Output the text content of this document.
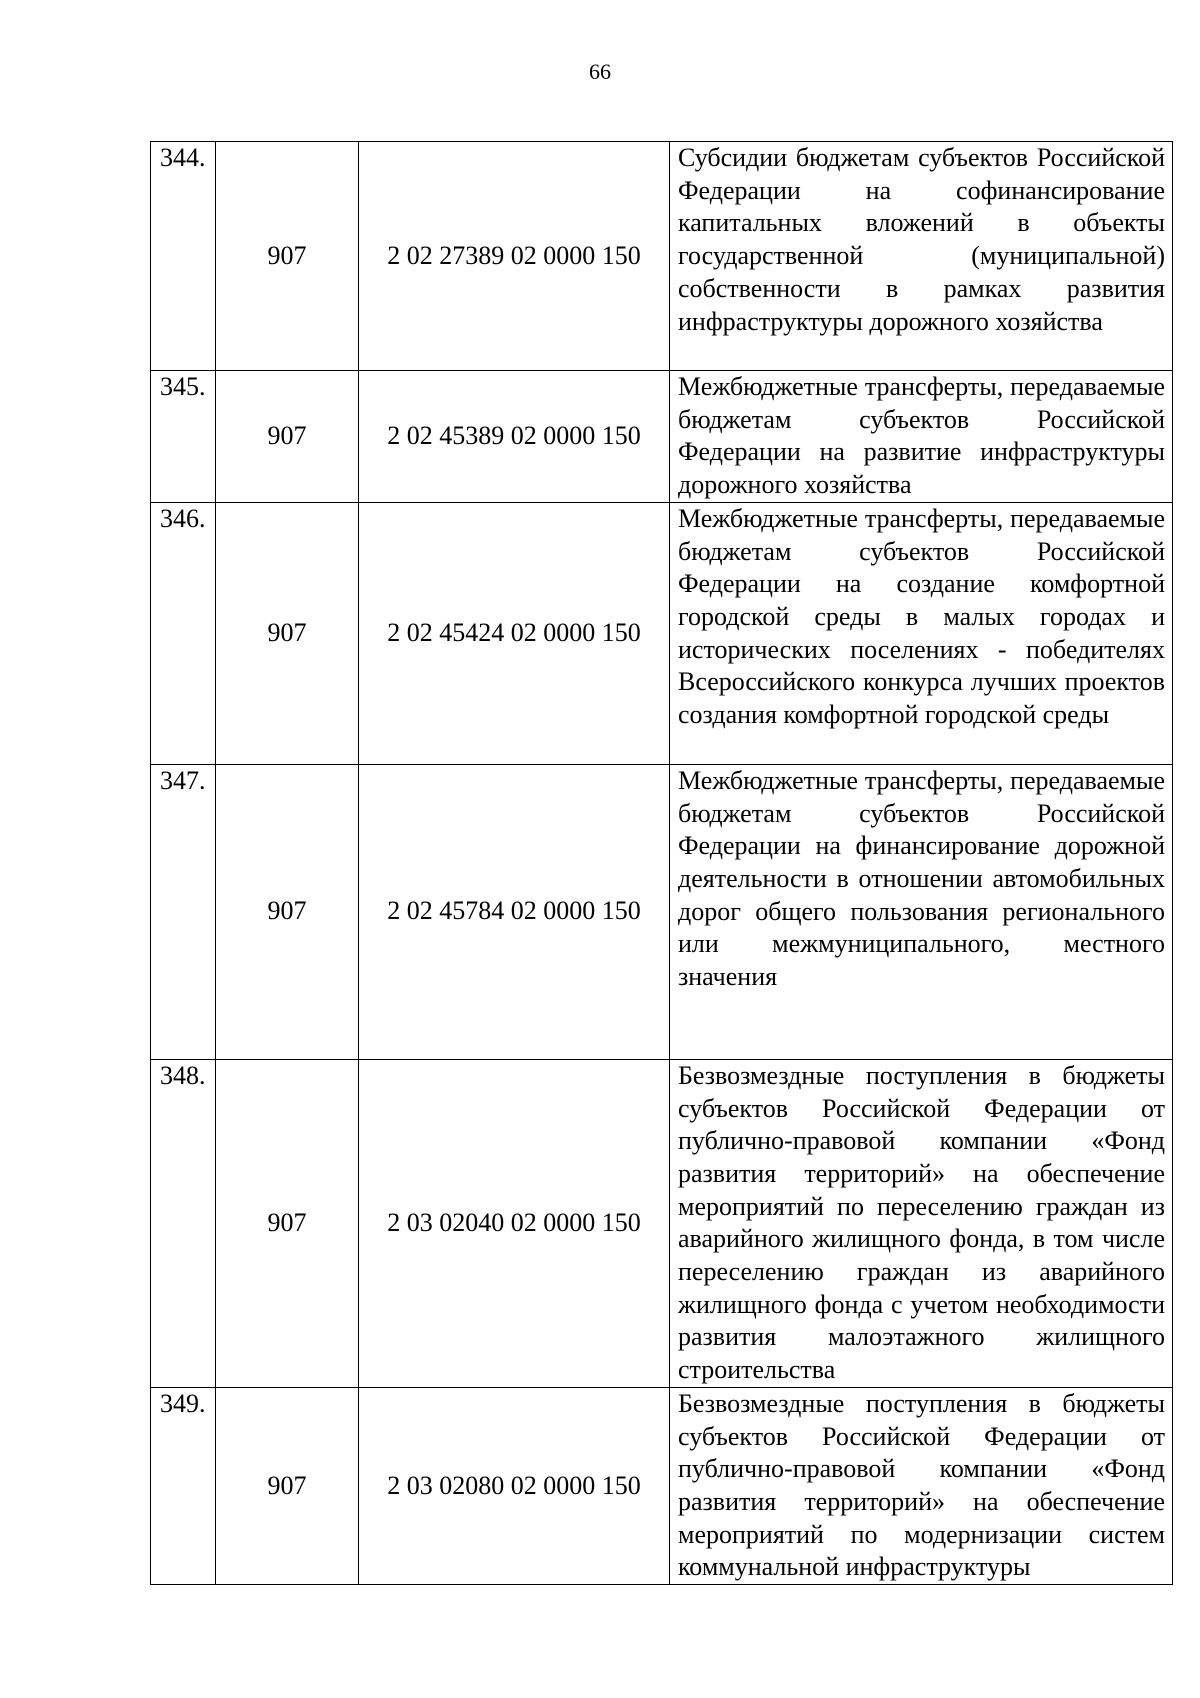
66
344.	907	2 02 27389 02 0000 150	Субсидии бюджетам субъектов Российской Федерации на софинансирование капитальных вложений в объекты государственной (муниципальной) собственности в рамках развития инфраструктуры дорожного хозяйства
345.	907	2 02 45389 02 0000 150	Межбюджетные трансферты, передаваемые бюджетам субъектов Российской Федерации на развитие инфраструктуры дорожного хозяйства
346.	907	2 02 45424 02 0000 150	Межбюджетные трансферты, передаваемые бюджетам субъектов Российской Федерации на создание комфортной городской среды в малых городах и исторических поселениях - победителях Всероссийского конкурса лучших проектов создания комфортной городской среды
347.	907	2 02 45784 02 0000 150	Межбюджетные трансферты, передаваемые бюджетам субъектов Российской Федерации на финансирование дорожной деятельности в отношении автомобильных дорог общего пользования регионального или межмуниципального, местного значения
348.	907	2 03 02040 02 0000 150	Безвозмездные поступления в бюджеты субъектов Российской Федерации от публично-правовой компании «Фонд развития территорий» на обеспечение мероприятий по переселению граждан из аварийного жилищного фонда, в том числе переселению граждан из аварийного жилищного фонда с учетом необходимости развития малоэтажного жилищного строительства
349.	907	2 03 02080 02 0000 150	Безвозмездные поступления в бюджеты субъектов Российской Федерации от публично-правовой компании «Фонд развития территорий» на обеспечение мероприятий по модернизации систем коммунальной инфраструктуры
